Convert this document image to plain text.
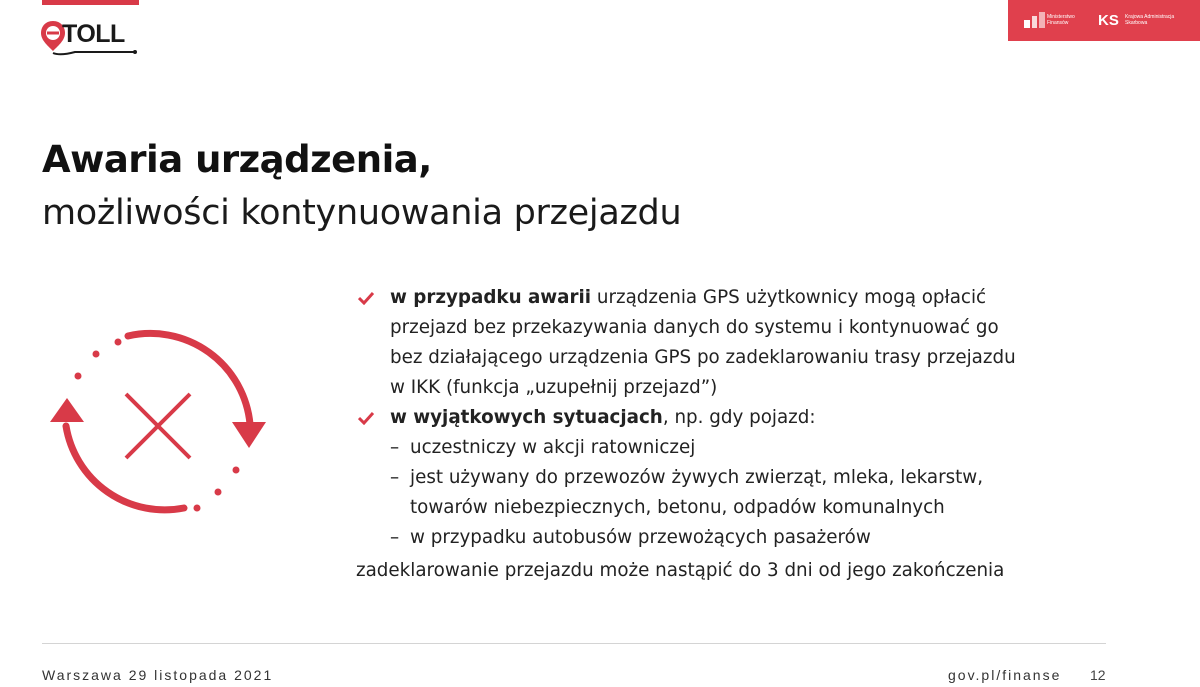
TOLL	KS
Ministerstwo Finansów
Krajowa Administracja Skarbowa
Awaria urządzenia,
możliwości kontynuowania przejazdu
w przypadku awarii urządzenia GPS użytkownicy mogą opłacić
przejazd bez przekazywania danych do systemu i kontynuować go
bez działającego urządzenia GPS po zadeklarowaniu trasy przejazdu
w IKK (funkcja „uzupełnij przejazd”)
w wyjątkowych sytuacjach, np. gdy pojazd:
– uczestniczy w akcji ratowniczej
– jest używany do przewozów żywych zwierząt, mleka, lekarstw,
towarów niebezpiecznych, betonu, odpadów komunalnych
– w przypadku autobusów przewożących pasażerów
zadeklarowanie przejazdu może nastąpić do 3 dni od jego zakończenia
Warszawa 29 listopada 2021	gov.pl/finanse 12
